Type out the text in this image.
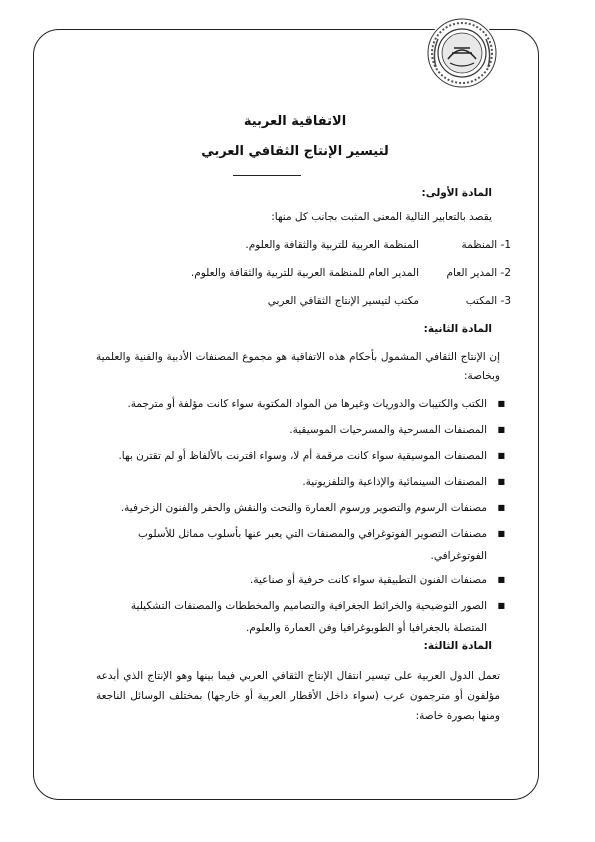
الاتفاقية العربية
لتيسير الإنتاج الثقافي العربي
المادة الأولى:
يقصد بالتعابير التالية المعنى المثبت بجانب كل منها:
1- المنظمة
المنظمة العربية للتربية والثقافة والعلوم.
2- المدير العام
المدير العام للمنظمة العربية للتربية والثقافة والعلوم.
3- المكتب
مكتب لتيسير الإنتاج الثقافي العربي
المادة الثانية:
إن الإنتاج الثقافي المشمول بأحكام هذه الاتفاقية هو مجموع المصنفات الأدبية والفنية والعلمية وبخاصة:
■
الكتب والكتيبات والدوريات وغيرها من المواد المكتوبة سواء كانت مؤلفة أو مترجمة.
■
المصنفات المسرحية والمسرحيات الموسيقية.
■
المصنفات الموسيقية سواء كانت مرقمة أم لا، وسواء اقترنت بالألفاظ أو لم تقترن بها.
■
المصنفات السينمائية والإذاعية والتلفزيونية.
■
مصنفات الرسوم والتصوير ورسوم العمارة والنحت والنقش والحفر والفنون الزخرفية.
■
مصنفات التصوير الفوتوغرافي والمصنفات التي يعبر عنها بأسلوب مماثل للأسلوب الفوتوغرافي.
■
مصنفات الفنون التطبيقية سواء كانت حرفية أو صناعية.
■
الصور التوضيحية والخرائط الجغرافية والتصاميم والمخططات والمصنفات التشكيلية المتصلة بالجغرافيا أو الطوبوغرافيا وفن العمارة والعلوم.
المادة الثالثة:
تعمل الدول العربية على تيسير انتقال الإنتاج الثقافي العربي فيما بينها وهو الإنتاج الذي أبدعه مؤلفون أو مترجمون عرب (سواء داخل الأقطار العربية أو خارجها) بمختلف الوسائل الناجعة ومنها بصورة خاصة:
